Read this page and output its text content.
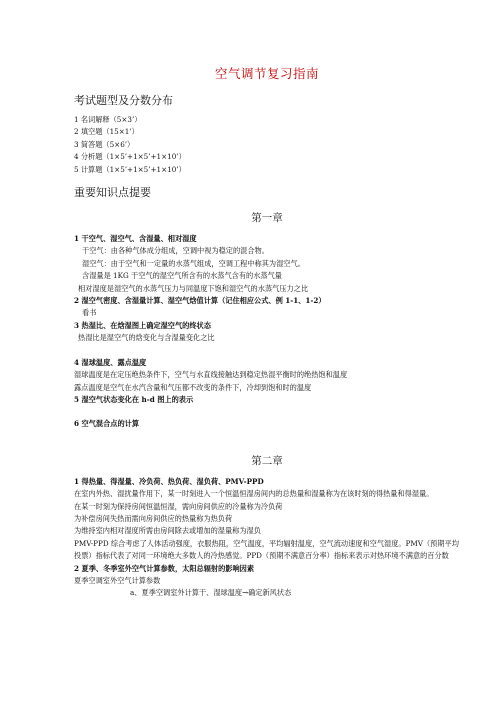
空气调节复习指南
考试题型及分数分布
1 名词解释（5×3’）
2 填空题（15×1’）
3 简答题（5×6’）
4 分析题（1×5’+1×5’+1×10’）
5 计算题（1×5’+1×5’+1×10’）
重要知识点提要
第一章
1 干空气、湿空气、含湿量、相对湿度
干空气：由各种气体成分组成，空调中视为稳定的混合物。
湿空气：由于空气和一定量的水蒸气组成，空调工程中称其为湿空气。
含湿量是 1KG 干空气的湿空气所含有的水蒸气含有的水蒸气量
相对湿度是湿空气的水蒸气压力与同温度下饱和湿空气的水蒸气压力之比
2 湿空气密度、含湿量计算、湿空气焓值计算（记住相应公式、例 1-1、1-2）
看书
3 热湿比、在焓湿图上确定湿空气的终状态
热湿比是湿空气的焓变化与含湿量变化之比
4 湿球温度、露点温度
湿球温度是在定压绝热条件下，空气与水直线接触达到稳定热湿平衡时的绝热饱和温度
露点温度是空气在水汽含量和气压都不改变的条件下，冷却到饱和时的温度
5 湿空气状态变化在 h-d 图上的表示
6 空气混合点的计算
第二章
1 得热量、得湿量、冷负荷、热负荷、湿负荷、PMV-PPD
在室内外热、湿扰量作用下，某一时刻进入一个恒温恒湿房间内的总热量和湿量称为在该时刻的得热量和得湿量。
在某一时刻为保持房间恒温恒湿，需向房间供应的冷量称为冷负荷
为补偿房间失热而需向房间供应的热量称为热负荷
为维持室内相对湿度所需由房间除去或增加的湿量称为湿负
PMV-PPD 综合考虑了人体活动强度，衣服热阻，空气温度，平均辐射温度，空气流动速度和空气湿度。PMV（预期平均投票）指标代表了对同一环境绝大多数人的冷热感觉。PPD（预期不满意百分率）指标来表示对热环境不满意的百分数
2 夏季、冬季室外空气计算参数，太阳总辐射的影响因素
夏季空调室外空气计算参数
a、夏季空调室外计算干、湿球温度→确定新风状态
